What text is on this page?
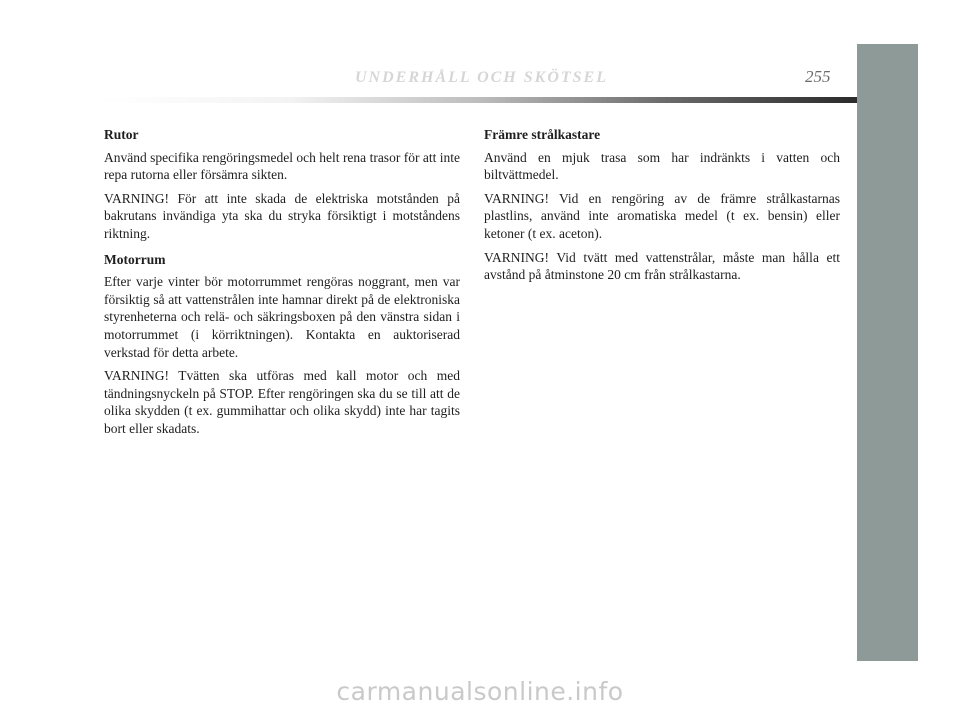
UNDERHÅLL OCH SKÖTSEL	255

Rutor

Använd specifika rengöringsmedel och helt rena trasor för att inte repa rutorna eller försämra sikten.

VARNING! För att inte skada de elektriska motstånden på bakrutans invändiga yta ska du stryka försiktigt i motståndens riktning.

Motorrum

Efter varje vinter bör motorrummet rengöras noggrant, men var försiktig så att vattenstrålen inte hamnar direkt på de elektroniska styrenheterna och relä- och säkringsboxen på den vänstra sidan i motorrummet (i körriktningen). Kontakta en auktoriserad verkstad för detta arbete.

VARNING! Tvätten ska utföras med kall motor och med tändningsnyckeln på STOP. Efter rengöringen ska du se till att de olika skydden (t ex. gummihattar och olika skydd) inte har tagits bort eller skadats.

Främre strålkastare

Använd en mjuk trasa som har indränkts i vatten och biltvättmedel.

VARNING! Vid en rengöring av de främre strålkastarnas plastlins, använd inte aromatiska medel (t ex. bensin) eller ketoner (t ex. aceton).

VARNING! Vid tvätt med vattenstrålar, måste man hålla ett avstånd på åtminstone 20 cm från strålkastarna.

carmanualsonline.info
